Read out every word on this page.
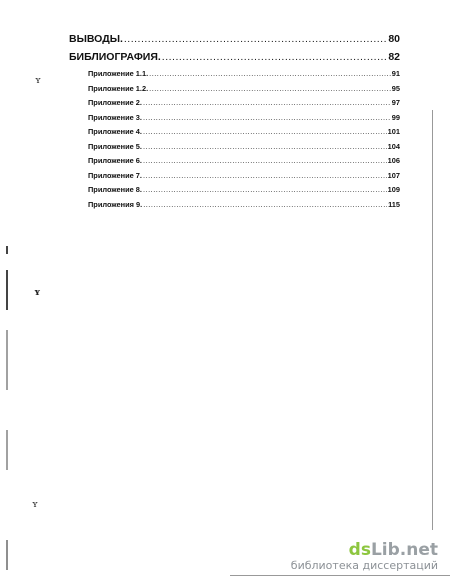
ВЫВОДЫ. .....	80
БИБЛИОГРАФИЯ. .....	82
Приложение 1.1. .....	91
Приложение 1.2. .....	95
Приложение 2. .....	97
Приложение 3. .....	99
Приложение 4. .....	101
Приложение 5. .....	104
Приложение 6. .....	106
Приложение 7. .....	107
Приложение 8. .....	109
Приложения 9. .....	115
ʏ
ʏ
ʏ
dsLib.net
библиотека диссертаций
